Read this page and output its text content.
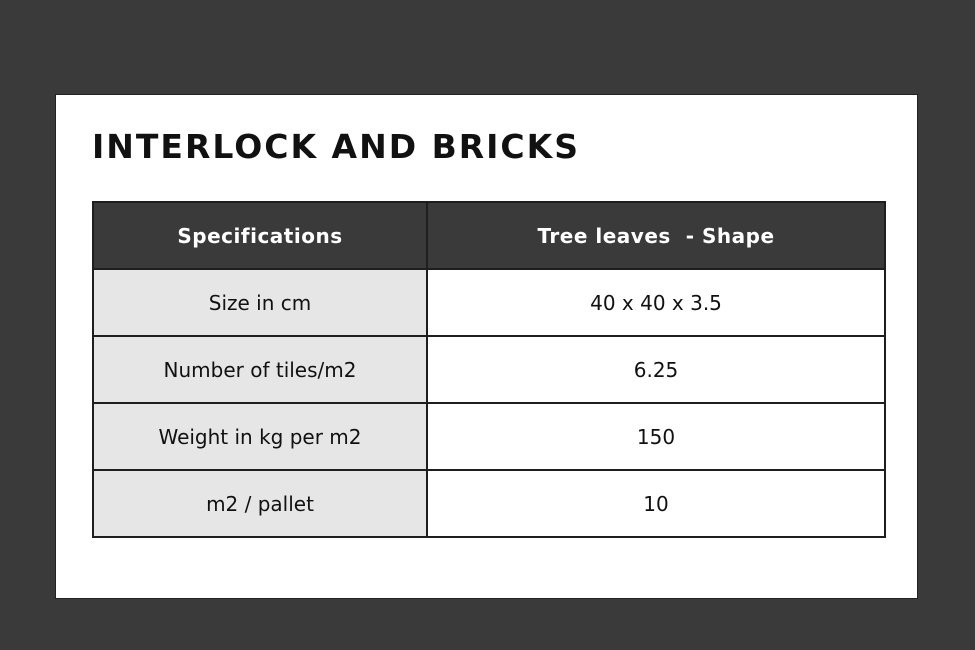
INTERLOCK AND BRICKS
Specifications	Tree leaves  - Shape
Size in cm	40 x 40 x 3.5
Number of tiles/m2	6.25
Weight in kg per m2	150
m2 / pallet	10
